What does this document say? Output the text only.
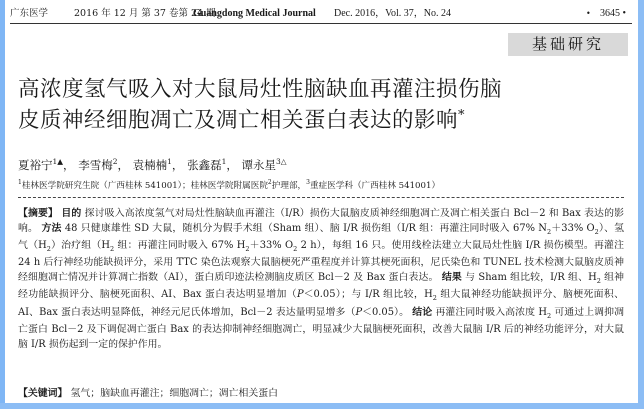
广东医学	2016 年 12 月 第 37 卷第 24 期
Guangdong Medical Journal Dec. 2016，Vol. 37，No. 24	• 3645 •
基础研究
高浓度氢气吸入对大鼠局灶性脑缺血再灌注损伤脑
皮质神经细胞凋亡及凋亡相关蛋白表达的影响*
夏裕宁$^{1▲}$， 李雪梅$^2$， 袁楠楠$^1$， 张鑫磊$^1$， 谭永星$^{3\triangle}$
$^1$桂林医学院研究生院（广西桂林 541001）；桂林医学院附属医院$^2$护理部，$^3$重症医学科（广西桂林 541001）
【摘要】 目的 探讨吸入高浓度氢气对局灶性脑缺血再灌注（I/R）损伤大鼠脑皮质神经细胞凋亡及凋亡相关蛋白 Bcl－2 和 Bax 表达的影响。 方法 48 只健康雄性 SD 大鼠，随机分为假手术组（Sham 组）、脑 I/R 损伤组（I/R 组：再灌注同时吸入 67% $N_2+33\%$ $O_2$）、氢气$(H_2)$治疗组（$H_2$ 组：再灌注同时吸入 67% $H_2+33\%$ $O_2$ 2 h），每组 16 只。使用线栓法建立大鼠局灶性脑 I/R 损伤模型。再灌注 24 h 后行神经功能缺损评分，采用 TTC 染色法观察大鼠脑梗死严重程度并计算其梗死面积，尼氏染色和 TUNEL 技术检测大鼠脑皮质神经细胞凋亡情况并计算凋亡指数（AI），蛋白质印迹法检测脑皮质区 Bcl－2 及 Bax 蛋白表达。 结果 与 Sham 组比较，I/R 组、$H_2$ 组神经功能缺损评分、脑梗死面积、AI、Bax 蛋白表达明显增加（P＜0.05）；与 I/R 组比较，$H_2$ 组大鼠神经功能缺损评分、脑梗死面积、AI、Bax 蛋白表达明显降低，神经元尼氏体增加，Bcl－2 表达量明显增多（P＜0.05）。 结论 再灌注同时吸入高浓度 $H_2$ 可通过上调抑凋亡蛋白 Bcl－2 及下调促凋亡蛋白 Bax 的表达抑制神经细胞凋亡，明显减少大鼠脑梗死面积，改善大鼠脑 I/R 后的神经功能评分，对大鼠脑 I/R 损伤起到一定的保护作用。
【关键词】 氢气；脑缺血再灌注；细胞凋亡；凋亡相关蛋白
